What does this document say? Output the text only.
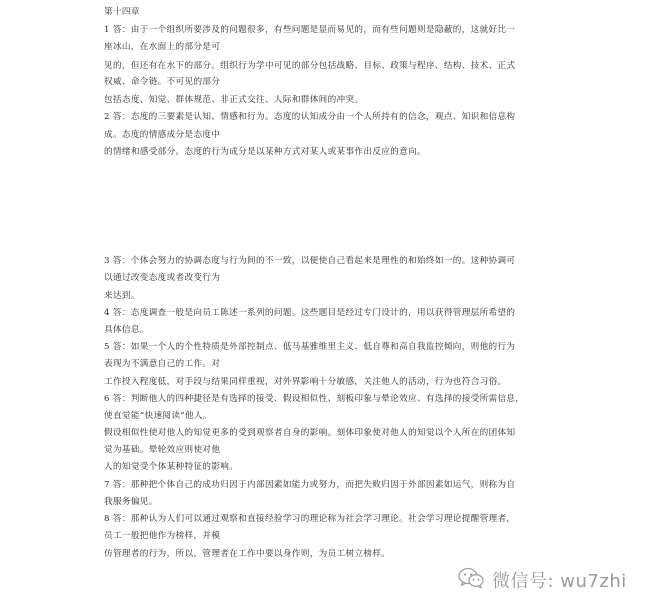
第十四章
1 答：由于一个组织所要涉及的问题很多，有些问题是显而易见的，而有些问题则是隐蔽的，这就好比一
座冰山，在水面上的部分是可
见的，但还有在水下的部分。组织行为学中可见的部分包括战略、目标、政策与程序、结构、技术、正式
权威、命令链。不可见的部分
包括态度、知觉、群体规范、非正式交往、人际和群体间的冲突。
2 答：态度的三要素是认知、情感和行为。态度的认知成分由一个人所持有的信念，观点、知识和信息构
成。态度的情感成分是态度中
的情绪和感受部分。态度的行为成分是以某种方式对某人或某事作出反应的意向。
3 答：个体会努力的协调态度与行为间的不一致，以便使自己看起来是理性的和始终如一的。这种协调可
以通过改变态度或者改变行为
来达到。
4 答：态度调查一般是向员工陈述一系列的问题。这些题目是经过专门设计的，用以获得管理层所希望的
具体信息。
5 答：如果一个人的个性特质是外部控制点、低马基雅维里主义、低自尊和高自我监控倾向，则他的行为
表现为不满意自己的工作。对
工作投入程度低，对手段与结果同样重视，对外界影响十分敏感，关注他人的活动，行为也符合习俗。
6 答：判断他人的四种捷径是有选择的接受、假设相似性、刻板印象与晕论效应、有选择的接受所需信息，
使直觉能“快速阅读”他人。
假设相似性使对他人的知觉更多的受到观察者自身的影响。刻体印象使对他人的知觉以个人所在的团体知
觉为基础。晕轮效应则使对他
人的知觉受个体某种特征的影响。
7 答：那种把个体自己的成功归因于内部因素如能力或努力，而把失败归因于外部因素如运气，则称为自
我服务偏见。
8 答：那种认为人们可以通过观察和直接经验学习的理论称为社会学习理论。社会学习理论提醒管理者，
员工一般把他作为榜样，并模
仿管理者的行为，所以，管理者在工作中要以身作则，为员工树立榜样。
微信号: wu7zhi
